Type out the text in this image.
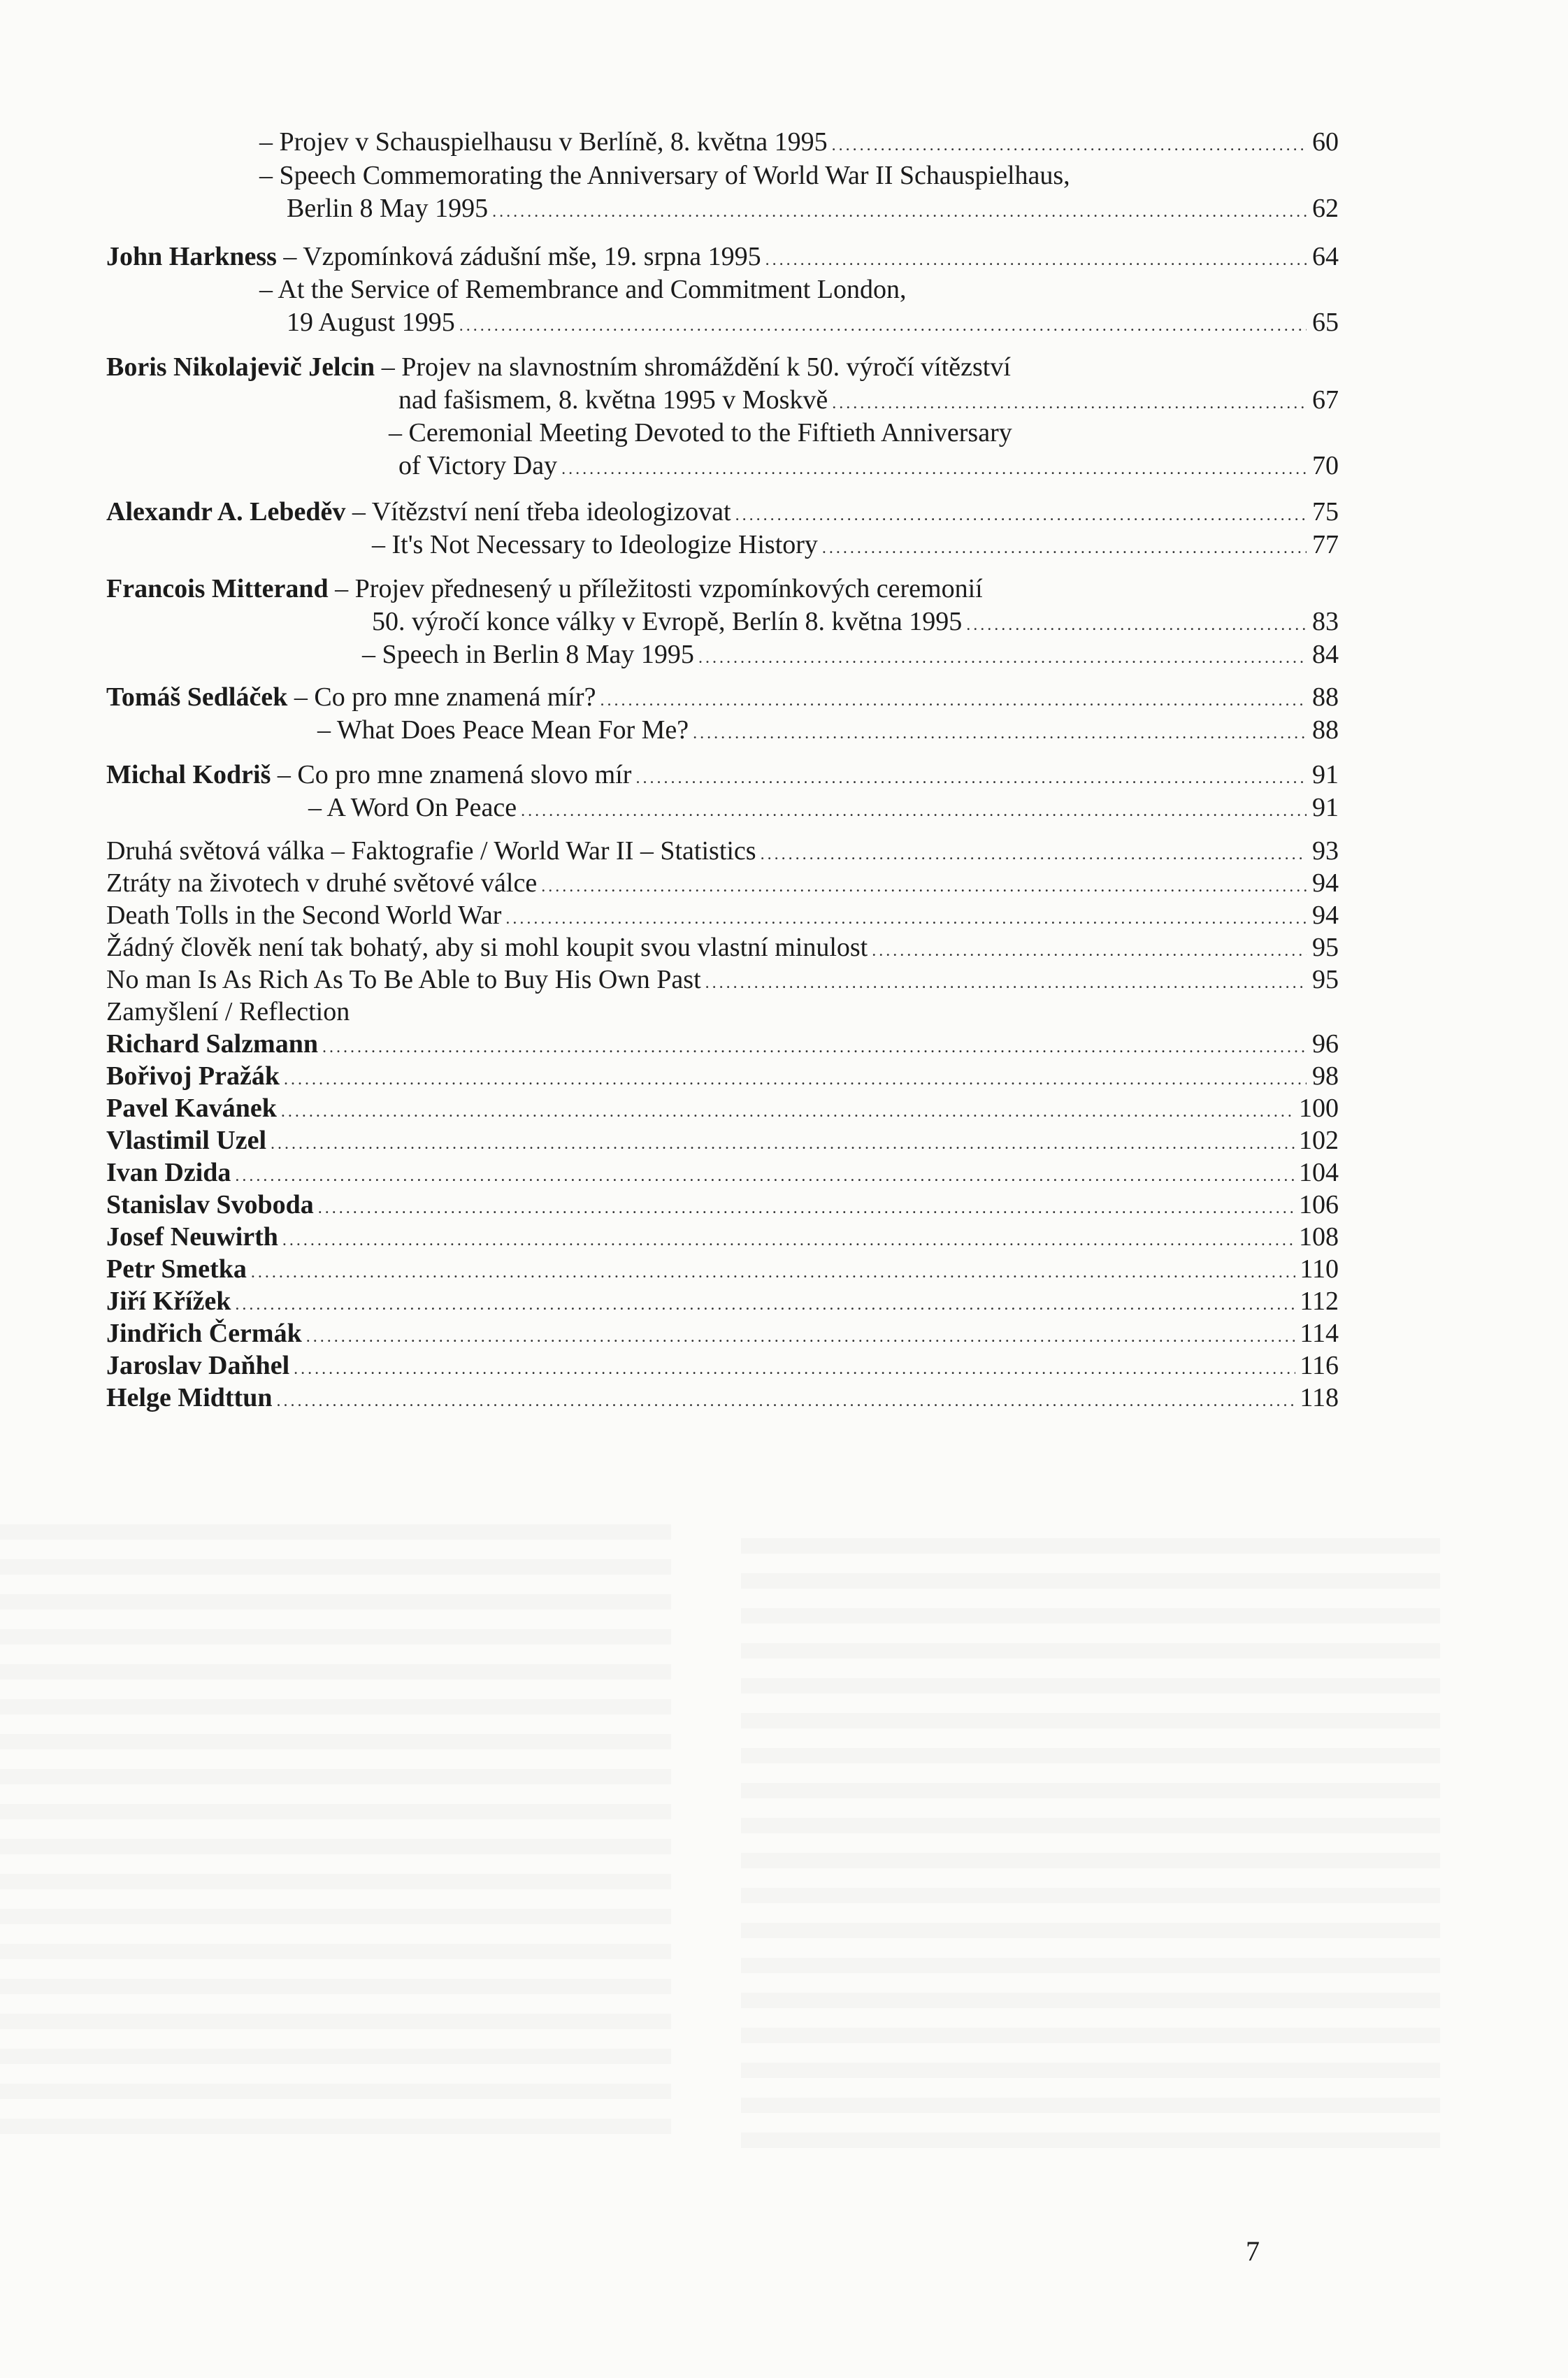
– Projev v Schauspielhausu v Berlíně, 8. května 1995 .....	60
– Speech Commemorating the Anniversary of World War II Schauspielhaus,
Berlin 8 May 1995 .....	62
John Harkness – Vzpomínková zádušní mše, 19. srpna 1995 .....	64
– At the Service of Remembrance and Commitment London,
19 August 1995 .....	65
Boris Nikolajevič Jelcin – Projev na slavnostním shromáždění k 50. výročí vítězství
nad fašismem, 8. května 1995 v Moskvě .....	67
– Ceremonial Meeting Devoted to the Fiftieth Anniversary
of Victory Day .....	70
Alexandr A. Lebeděv – Vítězství není třeba ideologizovat .....	75
– It's Not Necessary to Ideologize History .....	77
Francois Mitterand – Projev přednesený u příležitosti vzpomínkových ceremonií
50. výročí konce války v Evropě, Berlín 8. května 1995 .....	83
– Speech in Berlin 8 May 1995 .....	84
Tomáš Sedláček – Co pro mne znamená mír? .....	88
– What Does Peace Mean For Me? .....	88
Michal Kodriš – Co pro mne znamená slovo mír .....	91
– A Word On Peace .....	91
Druhá světová válka – Faktografie / World War II – Statistics .....	93
Ztráty na životech v druhé světové válce .....	94
Death Tolls in the Second World War .....	94
Žádný člověk není tak bohatý, aby si mohl koupit svou vlastní minulost .....	95
No man Is As Rich As To Be Able to Buy His Own Past .....	95
Zamyšlení / Reflection
Richard Salzmann .....	96
Bořivoj Pražák .....	98
Pavel Kavánek .....	100
Vlastimil Uzel .....	102
Ivan Dzida .....	104
Stanislav Svoboda .....	106
Josef Neuwirth .....	108
Petr Smetka .....	110
Jiří Křížek .....	112
Jindřich Čermák .....	114
Jaroslav Daňhel .....	116
Helge Midttun .....	118
7
